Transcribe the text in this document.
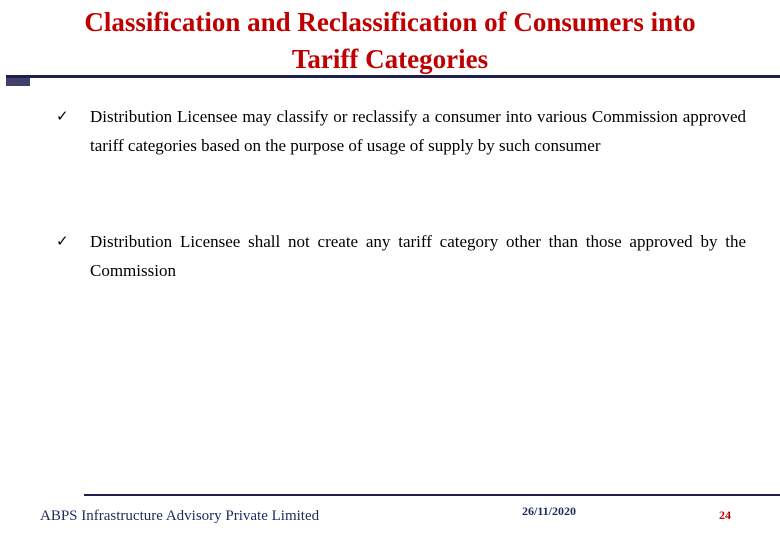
Classification and Reclassification of Consumers into
Tariff Categories
✓	Distribution Licensee may classify or reclassify a consumer into various Commission approved tariff categories based on the purpose of usage of supply by such consumer
✓	Distribution Licensee shall not create any tariff category other than those approved by the Commission
ABPS Infrastructure Advisory Private Limited	26/11/2020	24
